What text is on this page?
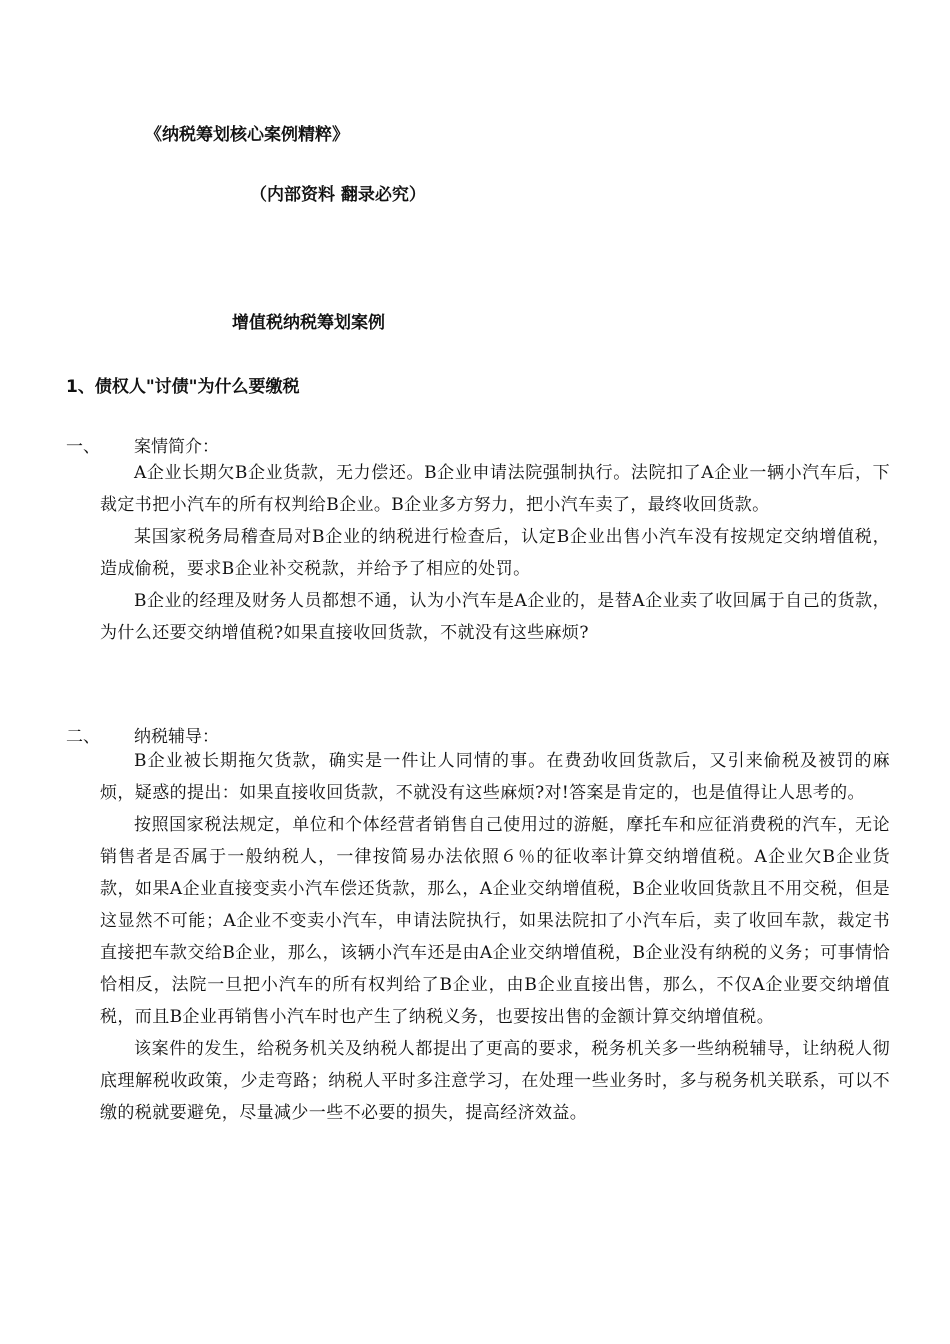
《纳税筹划核心案例精粹》
（内部资料 翻录必究）
增值税纳税筹划案例
1、债权人"讨债"为什么要缴税
一、 案情简介：

A企业长期欠B企业货款，无力偿还。B企业申请法院强制执行。法院扣了A企业一辆小汽车后，下裁定书把小汽车的所有权判给B企业。B企业多方努力，把小汽车卖了，最终收回货款。

某国家税务局稽查局对B企业的纳税进行检查后，认定B企业出售小汽车没有按规定交纳增值税，造成偷税，要求B企业补交税款，并给予了相应的处罚。

B企业的经理及财务人员都想不通，认为小汽车是A企业的，是替A企业卖了收回属于自己的货款，为什么还要交纳增值税?如果直接收回货款，不就没有这些麻烦?

二、 纳税辅导：

B企业被长期拖欠货款，确实是一件让人同情的事。在费劲收回货款后，又引来偷税及被罚的麻烦，疑惑的提出：如果直接收回货款，不就没有这些麻烦?对!答案是肯定的，也是值得让人思考的。

按照国家税法规定，单位和个体经营者销售自己使用过的游艇，摩托车和应征消费税的汽车，无论销售者是否属于一般纳税人，一律按简易办法依照６％的征收率计算交纳增值税。A企业欠B企业货款，如果A企业直接变卖小汽车偿还货款，那么，A企业交纳增值税，B企业收回货款且不用交税，但是这显然不可能；A企业不变卖小汽车，申请法院执行，如果法院扣了小汽车后，卖了收回车款，裁定书直接把车款交给B企业，那么，该辆小汽车还是由A企业交纳增值税，B企业没有纳税的义务；可事情恰恰相反，法院一旦把小汽车的所有权判给了B企业，由B企业直接出售，那么，不仅A企业要交纳增值税，而且B企业再销售小汽车时也产生了纳税义务，也要按出售的金额计算交纳增值税。

该案件的发生，给税务机关及纳税人都提出了更高的要求，税务机关多一些纳税辅导，让纳税人彻底理解税收政策，少走弯路；纳税人平时多注意学习，在处理一些业务时，多与税务机关联系，可以不缴的税就要避免，尽量减少一些不必要的损失，提高经济效益。
